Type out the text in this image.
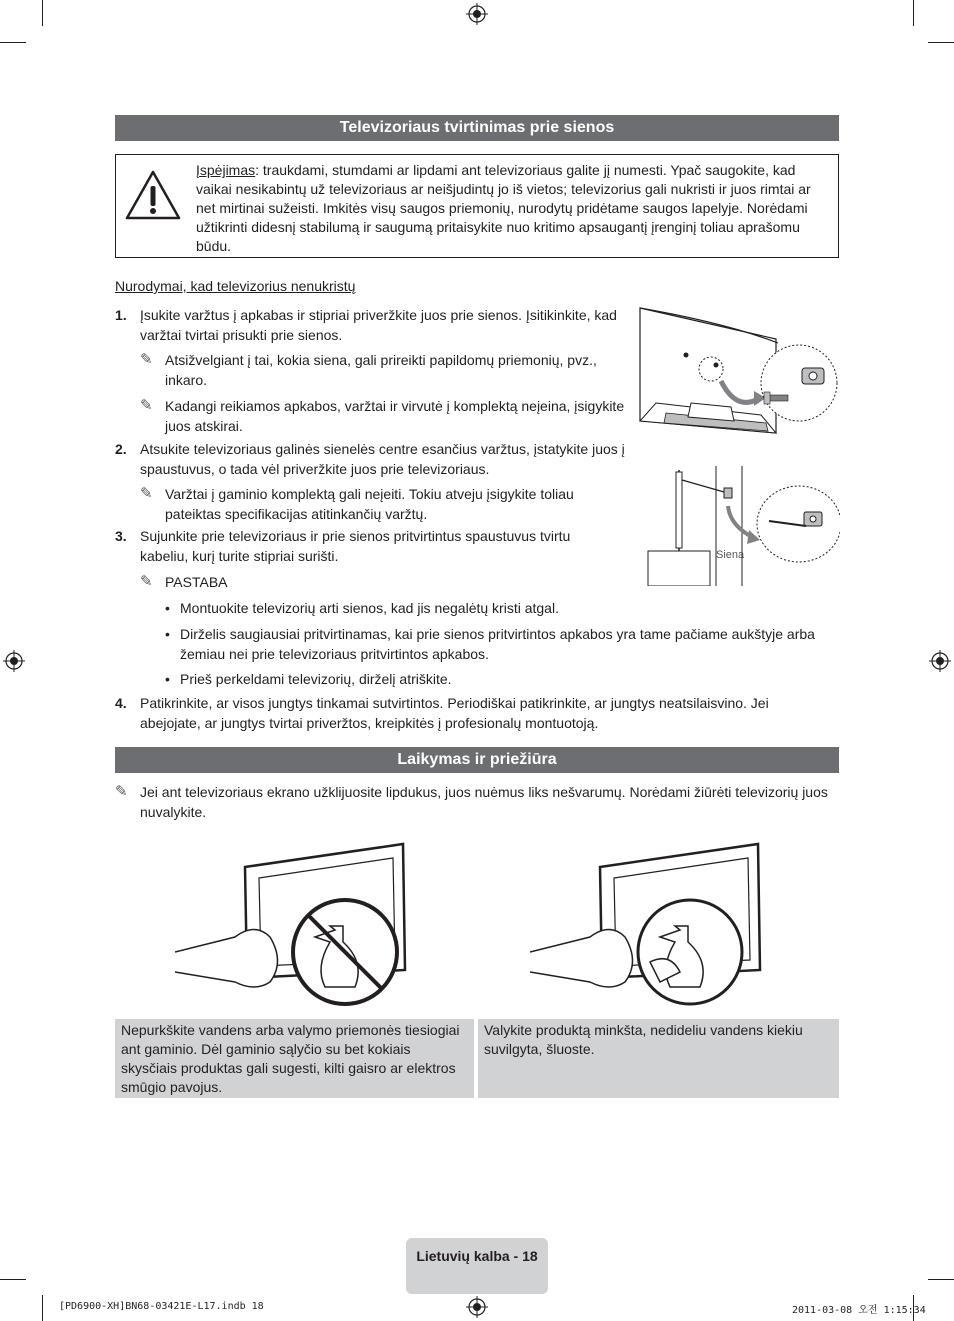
Televizoriaus tvirtinimas prie sienos
Įspėjimas: traukdami, stumdami ar lipdami ant televizoriaus galite jį numesti. Ypač saugokite, kad vaikai nesikabintų už televizoriaus ar neišjudintų jo iš vietos; televizorius gali nukristi ir juos rimtai ar net mirtinai sužeisti. Imkitės visų saugos priemonių, nurodytų pridėtame saugos lapelyje. Norėdami užtikrinti didesnį stabilumą ir saugumą pritaisykite nuo kritimo apsaugantį įrenginį toliau aprašomu būdu.
Nurodymai, kad televizorius nenukristų
1. Įsukite varžtus į apkabas ir stipriai priveržkite juos prie sienos. Įsitikinkite, kad varžtai tvirtai prisukti prie sienos.
✎ Atsižvelgiant į tai, kokia siena, gali prireikti papildomų priemonių, pvz., inkaro.
✎ Kadangi reikiamos apkabos, varžtai ir virvutė į komplektą neįeina, įsigykite juos atskirai.
2. Atsukite televizoriaus galinės sienelės centre esančius varžtus, įstatykite juos į spaustuvus, o tada vėl priveržkite juos prie televizoriaus.
✎ Varžtai į gaminio komplektą gali neįeiti. Tokiu atveju įsigykite toliau pateiktas specifikacijas atitinkančių varžtų.
3. Sujunkite prie televizoriaus ir prie sienos pritvirtintus spaustuvus tvirtu kabeliu, kurį turite stipriai surišti.
✎ PASTABA
• Montuokite televizorių arti sienos, kad jis negalėtų kristi atgal.
• Dirželis saugiausiai pritvirtinamas, kai prie sienos pritvirtintos apkabos yra tame pačiame aukštyje arba žemiau nei prie televizoriaus pritvirtintos apkabos.
• Prieš perkeldami televizorių, dirželį atriškite.
4. Patikrinkite, ar visos jungtys tinkamai sutvirtintos. Periodiškai patikrinkite, ar jungtys neatsilaisvino. Jei abejojate, ar jungtys tvirtai priveržtos, kreipkitės į profesionalų montuotoją.
Siena
Laikymas ir priežiūra
✎ Jei ant televizoriaus ekrano užklijuosite lipdukus, juos nuėmus liks nešvarumų. Norėdami žiūrėti televizorių juos nuvalykite.
Nepurkškite vandens arba valymo priemonės tiesiogiai ant gaminio. Dėl gaminio sąlyčio su bet kokiais skysčiais produktas gali sugesti, kilti gaisro ar elektros smūgio pavojus.
Valykite produktą minkšta, nedideliu vandens kiekiu suvilgyta, šluoste.
Lietuvių kalba - 18
[PD6900-XH]BN68-03421E-L17.indb 18	2011-03-08 오전 1:15:34
